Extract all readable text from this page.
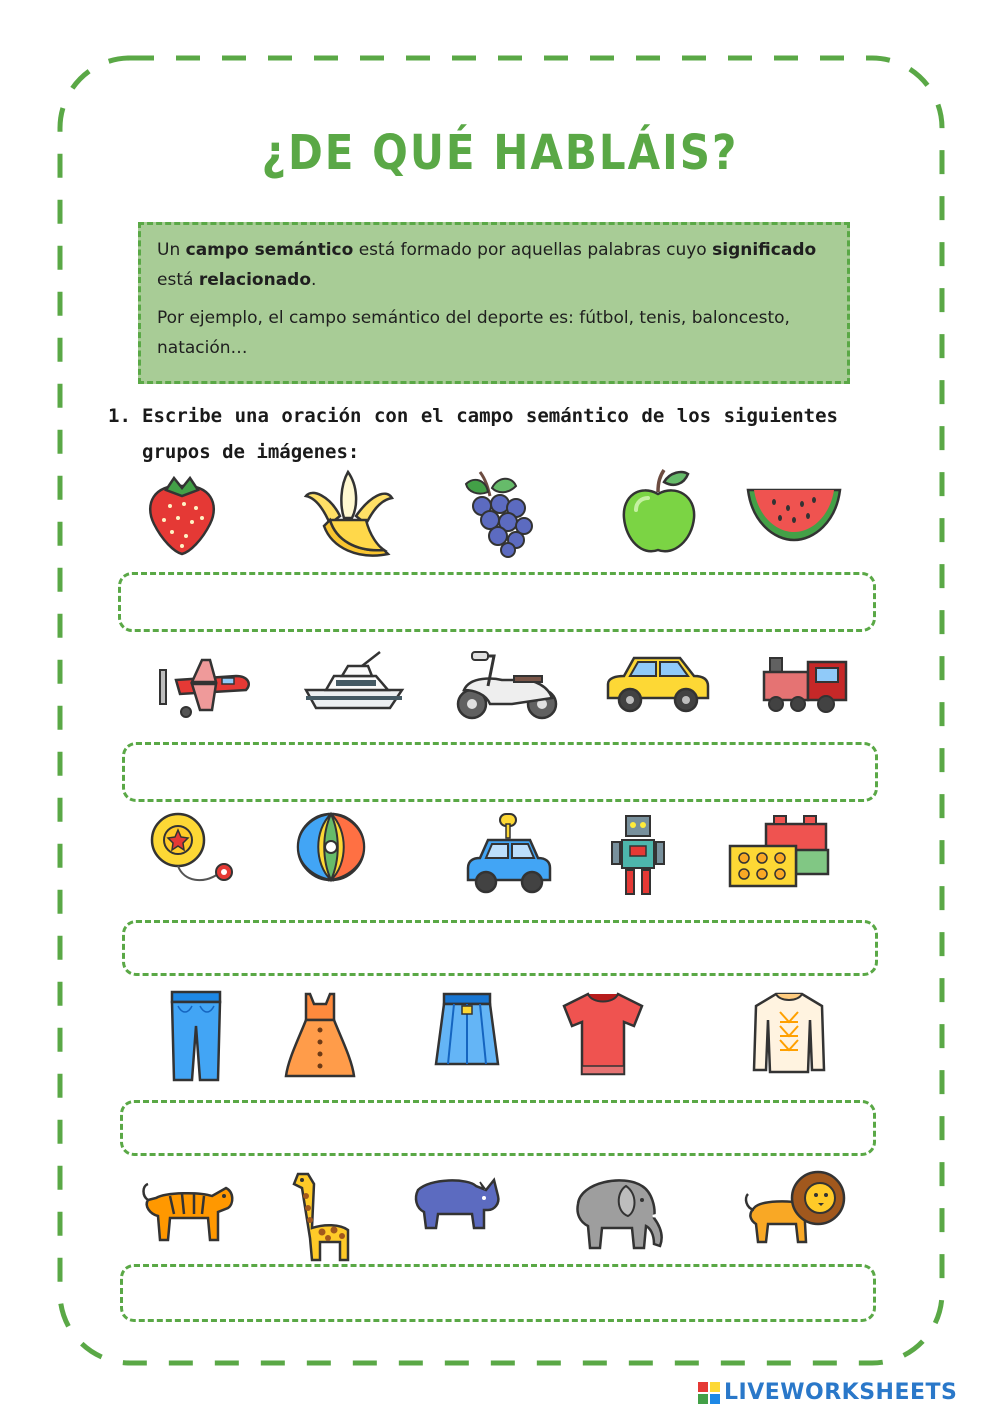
¿DE QUÉ HABLÁIS?

Un campo semántico está formado por aquellas palabras cuyo significado está relacionado.

Por ejemplo, el campo semántico del deporte es: fútbol, tenis, baloncesto, natación…

1. Escribe una oración con el campo semántico de los siguientes grupos de imágenes:
LIVEWORKSHEETS
